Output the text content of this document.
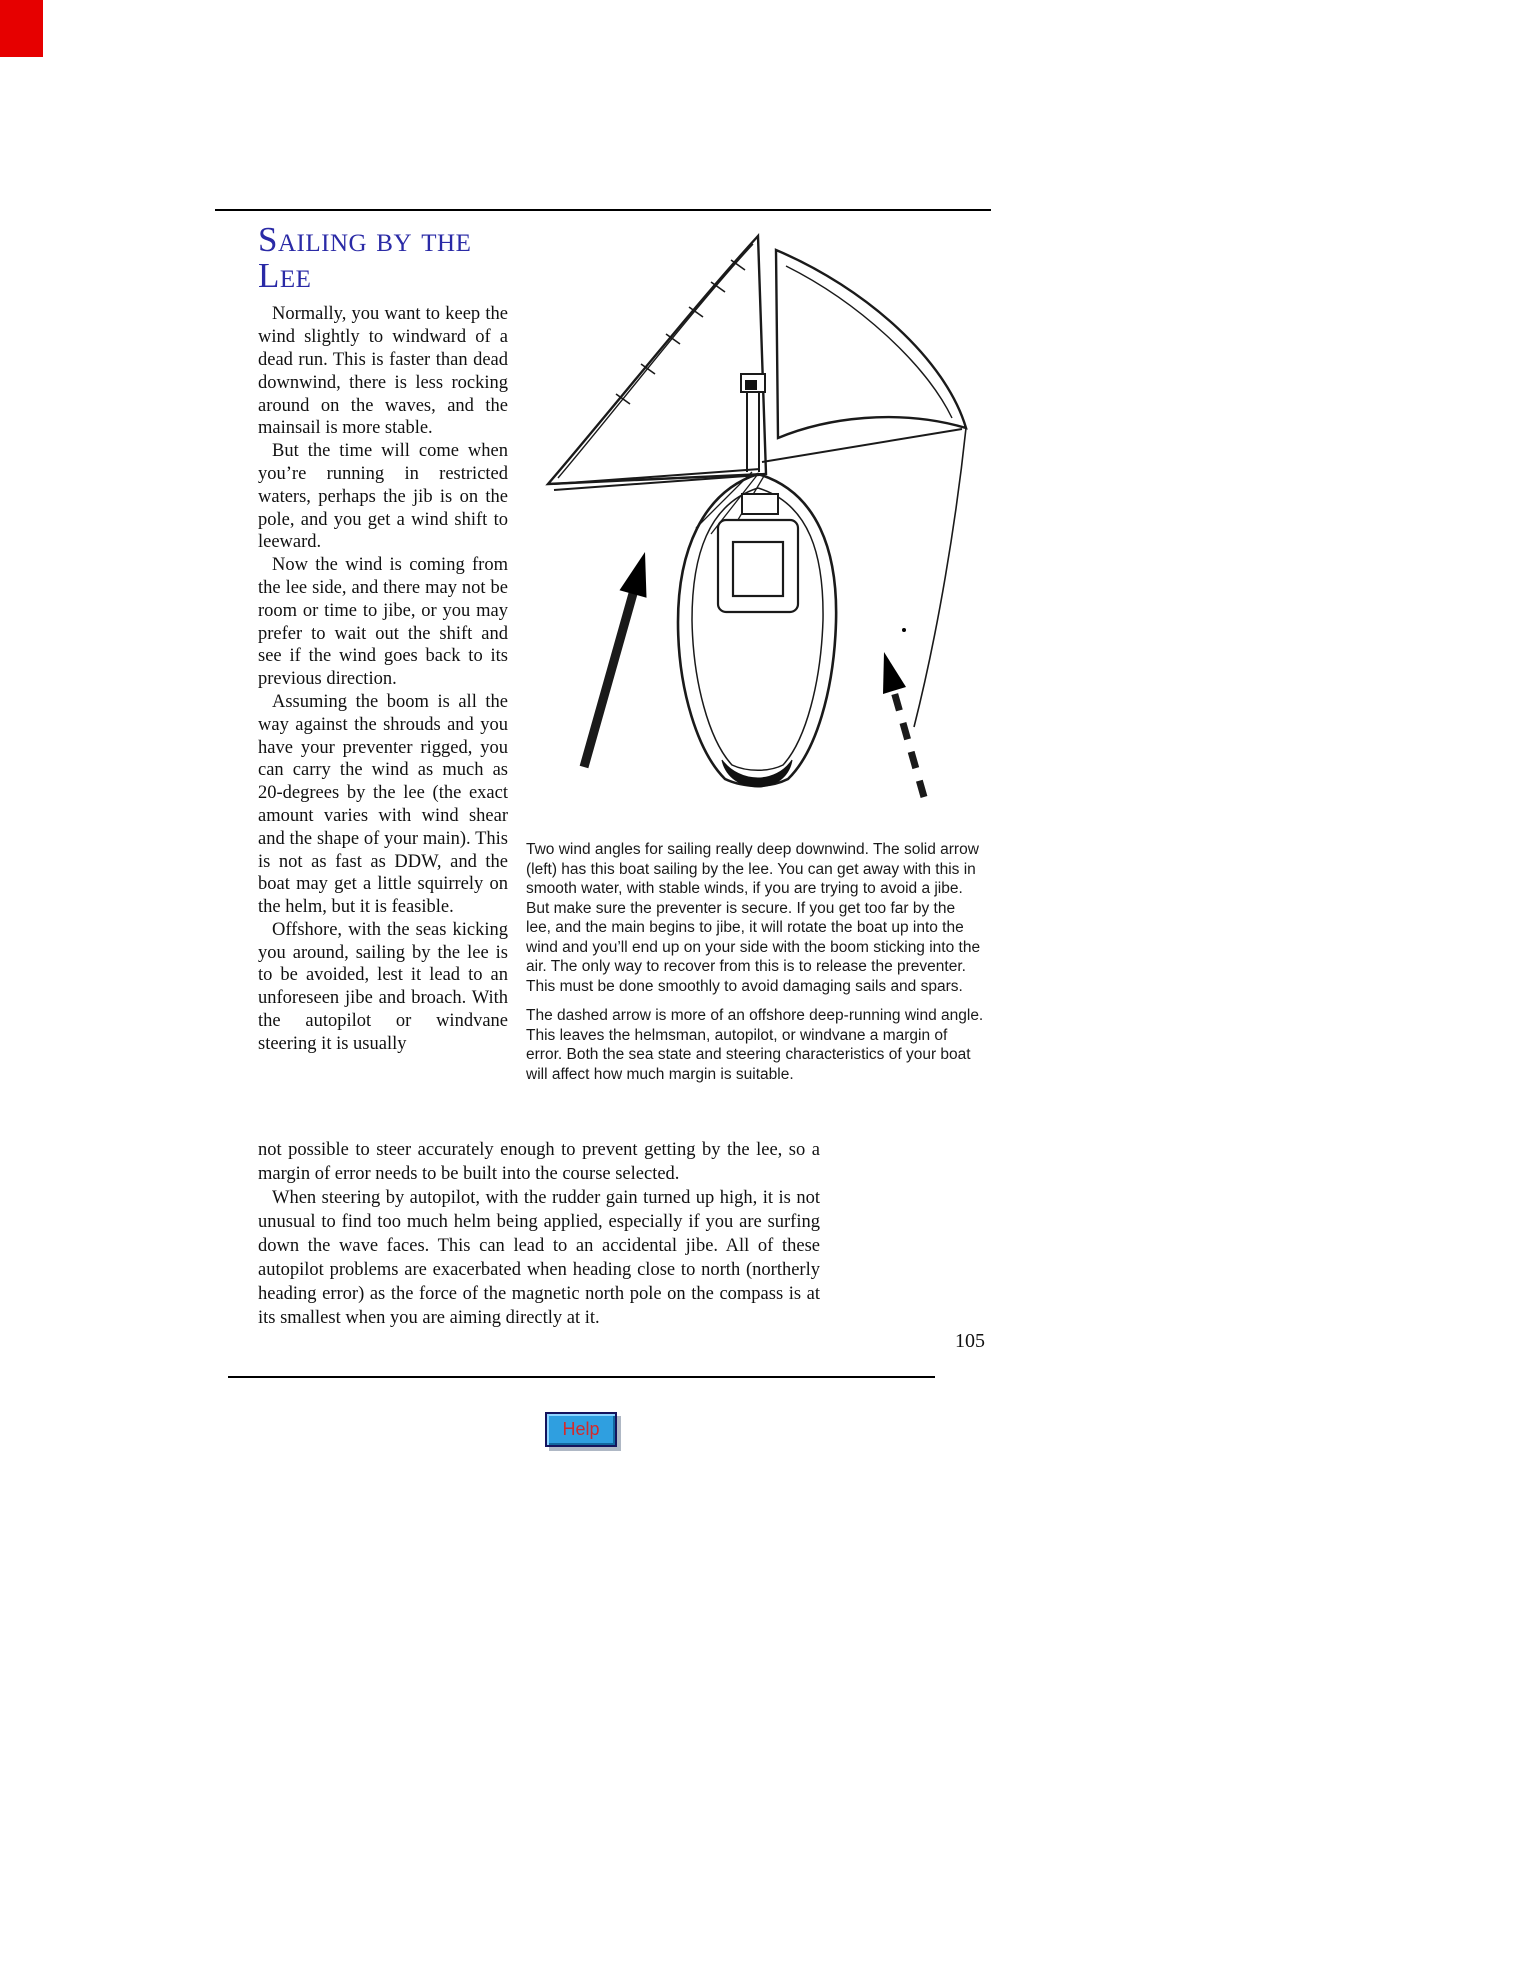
Sailing by the
Lee

Normally, you want to keep the wind slightly to windward of a dead run. This is faster than dead downwind, there is less rocking around on the waves, and the mainsail is more stable.

But the time will come when you’re running in restricted waters, perhaps the jib is on the pole, and you get a wind shift to leeward.

Now the wind is coming from the lee side, and there may not be room or time to jibe, or you may prefer to wait out the shift and see if the wind goes back to its previous direction.

Assuming the boom is all the way against the shrouds and you have your preventer rigged, you can carry the wind as much as 20-degrees by the lee (the exact amount varies with wind shear and the shape of your main). This is not as fast as DDW, and the boat may get a little squirrely on the helm, but it is feasible.

Offshore, with the seas kicking you around, sailing by the lee is to be avoided, lest it lead to an unforeseen jibe and broach. With the autopilot or windvane steering it is usually

Two wind angles for sailing really deep downwind. The solid arrow (left) has this boat sailing by the lee. You can get away with this in smooth water, with stable winds, if you are trying to avoid a jibe. But make sure the preventer is secure. If you get too far by the lee, and the main begins to jibe, it will rotate the boat up into the wind and you’ll end up on your side with the boom sticking into the air. The only way to recover from this is to release the preventer. This must be done smoothly to avoid damaging sails and spars.

The dashed arrow is more of an offshore deep-running wind angle. This leaves the helmsman, autopilot, or windvane a margin of error. Both the sea state and steering characteristics of your boat will affect how much margin is suitable.

not possible to steer accurately enough to prevent getting by the lee, so a margin of error needs to be built into the course selected.

When steering by autopilot, with the rudder gain turned up high, it is not unusual to find too much helm being applied, especially if you are surfing down the wave faces. This can lead to an accidental jibe. All of these autopilot problems are exacerbated when heading close to north (northerly heading error) as the force of the magnetic north pole on the compass is at its smallest when you are aiming directly at it.

105
Help
